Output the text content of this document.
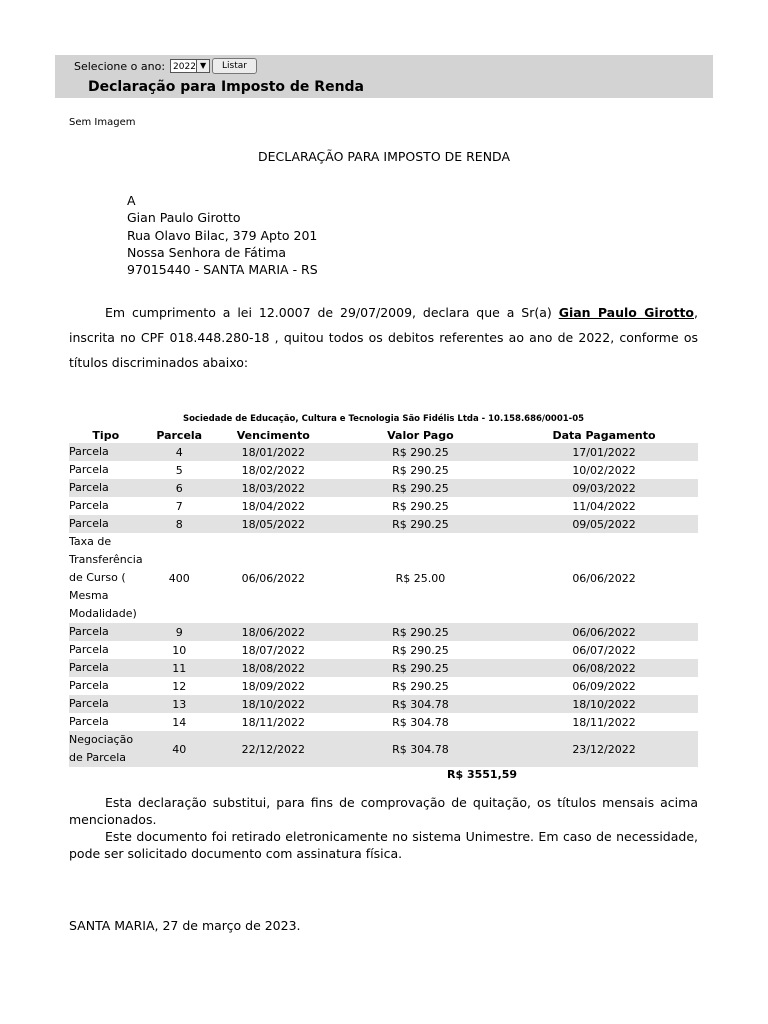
Selecione o ano: 2022 ▼	Listar
Declaração para Imposto de Renda
Sem Imagem
DECLARAÇÃO PARA IMPOSTO DE RENDA
A
Gian Paulo Girotto
Rua Olavo Bilac, 379 Apto 201
Nossa Senhora de Fátima
97015440 - SANTA MARIA - RS
Em cumprimento a lei 12.0007 de 29/07/2009, declara que a Sr(a) Gian Paulo Girotto, inscrita no CPF 018.448.280-18 , quitou todos os debitos referentes ao ano de 2022, conforme os títulos discriminados abaixo:
Sociedade de Educação, Cultura e Tecnologia São Fidélis Ltda - 10.158.686/0001-05
Tipo	Parcela	Vencimento	Valor Pago	Data Pagamento
Parcela	4	18/01/2022	R$ 290.25	17/01/2022
Parcela	5	18/02/2022	R$ 290.25	10/02/2022
Parcela	6	18/03/2022	R$ 290.25	09/03/2022
Parcela	7	18/04/2022	R$ 290.25	11/04/2022
Parcela	8	18/05/2022	R$ 290.25	09/05/2022
Taxa de Transferência de Curso ( Mesma Modalidade)	400	06/06/2022	R$ 25.00	06/06/2022
Parcela	9	18/06/2022	R$ 290.25	06/06/2022
Parcela	10	18/07/2022	R$ 290.25	06/07/2022
Parcela	11	18/08/2022	R$ 290.25	06/08/2022
Parcela	12	18/09/2022	R$ 290.25	06/09/2022
Parcela	13	18/10/2022	R$ 304.78	18/10/2022
Parcela	14	18/11/2022	R$ 304.78	18/11/2022
Negociação de Parcela	40	22/12/2022	R$ 304.78	23/12/2022
R$ 3551,59

Esta declaração substitui, para fins de comprovação de quitação, os títulos mensais acima mencionados.

Este documento foi retirado eletronicamente no sistema Unimestre. Em caso de necessidade, pode ser solicitado documento com assinatura física.

SANTA MARIA, 27 de março de 2023.
